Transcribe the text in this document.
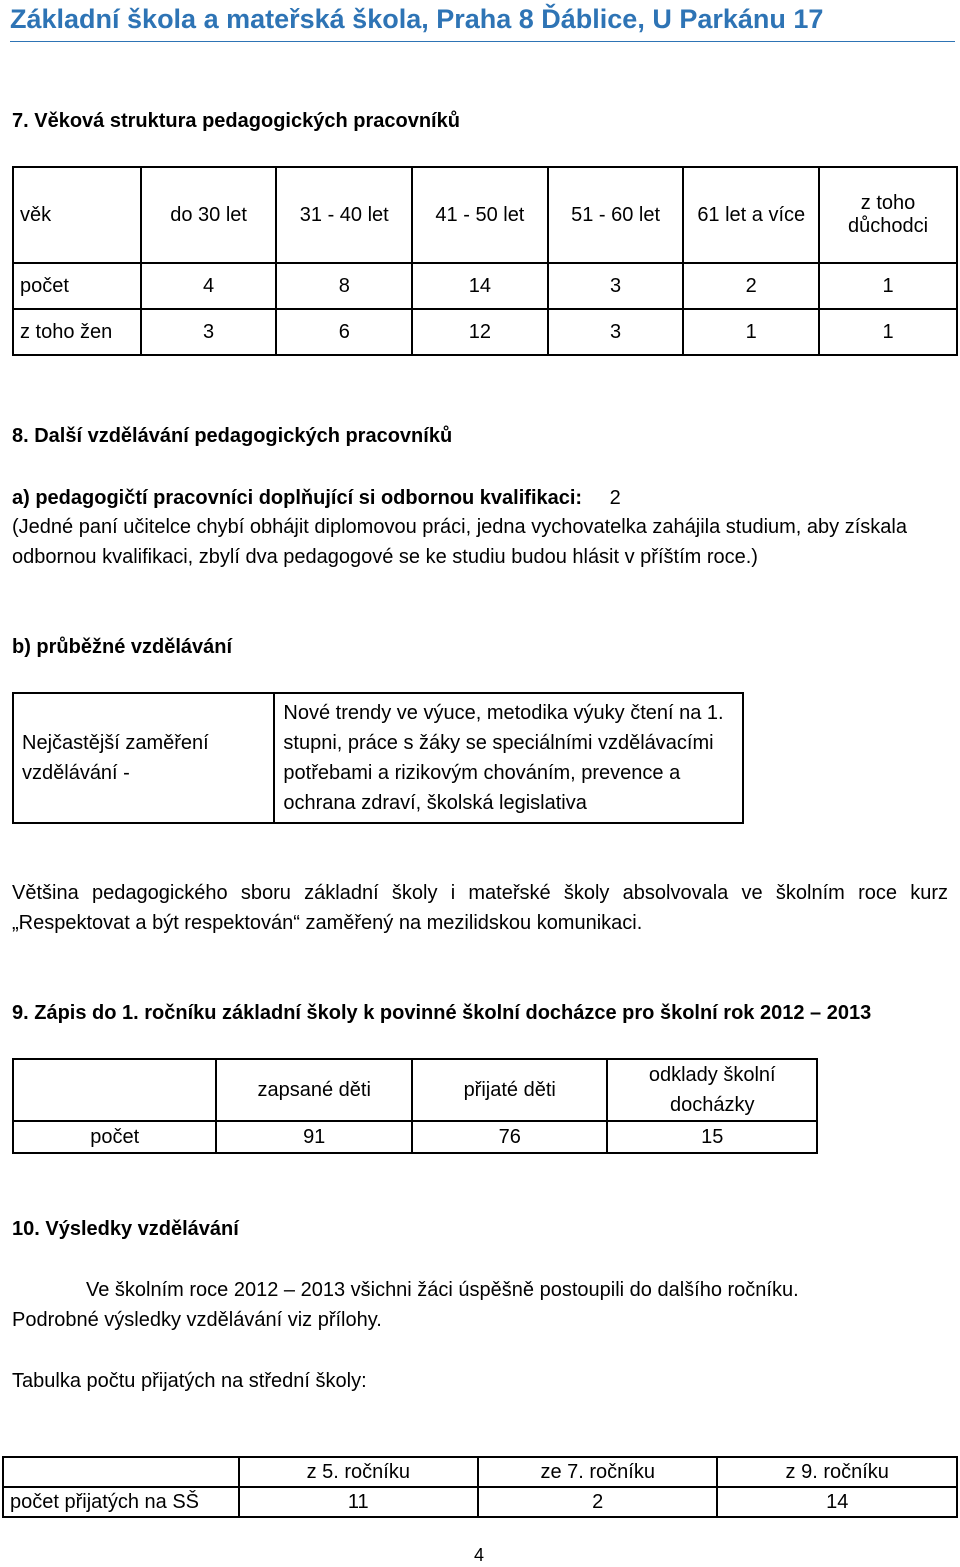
Základní škola a mateřská škola, Praha 8 Ďáblice, U Parkánu 17
7. Věková struktura pedagogických pracovníků
věk	do 30 let	31 - 40 let	41 - 50 let	51 - 60 let	61 let a více	z toho důchodci
počet	4	8	14	3	2	1
z toho žen	3	6	12	3	1	1
8. Další vzdělávání pedagogických pracovníků
a) pedagogičtí pracovníci doplňující si odbornou kvalifikaci: 2
(Jedné paní učitelce chybí obhájit diplomovou práci, jedna vychovatelka zahájila studium, aby získala odbornou kvalifikaci, zbylí dva pedagogové se ke studiu budou hlásit v příštím roce.)
b) průběžné vzdělávání
Nejčastější zaměření vzdělávání -	Nové trendy ve výuce, metodika výuky čtení na 1. stupni, práce s žáky se speciálními vzdělávacími potřebami a rizikovým chováním, prevence a ochrana zdraví, školská legislativa
Většina pedagogického sboru základní školy i mateřské školy absolvovala ve školním roce kurz „Respektovat a být respektován“ zaměřený na mezilidskou komunikaci.
9. Zápis do 1. ročníku základní školy k povinné školní docházce pro školní rok 2012 – 2013
	zapsané děti	přijaté děti	odklady školní docházky
počet	91	76	15
10. Výsledky vzdělávání
Ve školním roce 2012 – 2013 všichni žáci úspěšně postoupili do dalšího ročníku.
Podrobné výsledky vzdělávání viz přílohy.
Tabulka počtu přijatých na střední školy:
	z 5. ročníku	ze 7. ročníku	z 9. ročníku
počet přijatých na SŠ	11	2	14
4
